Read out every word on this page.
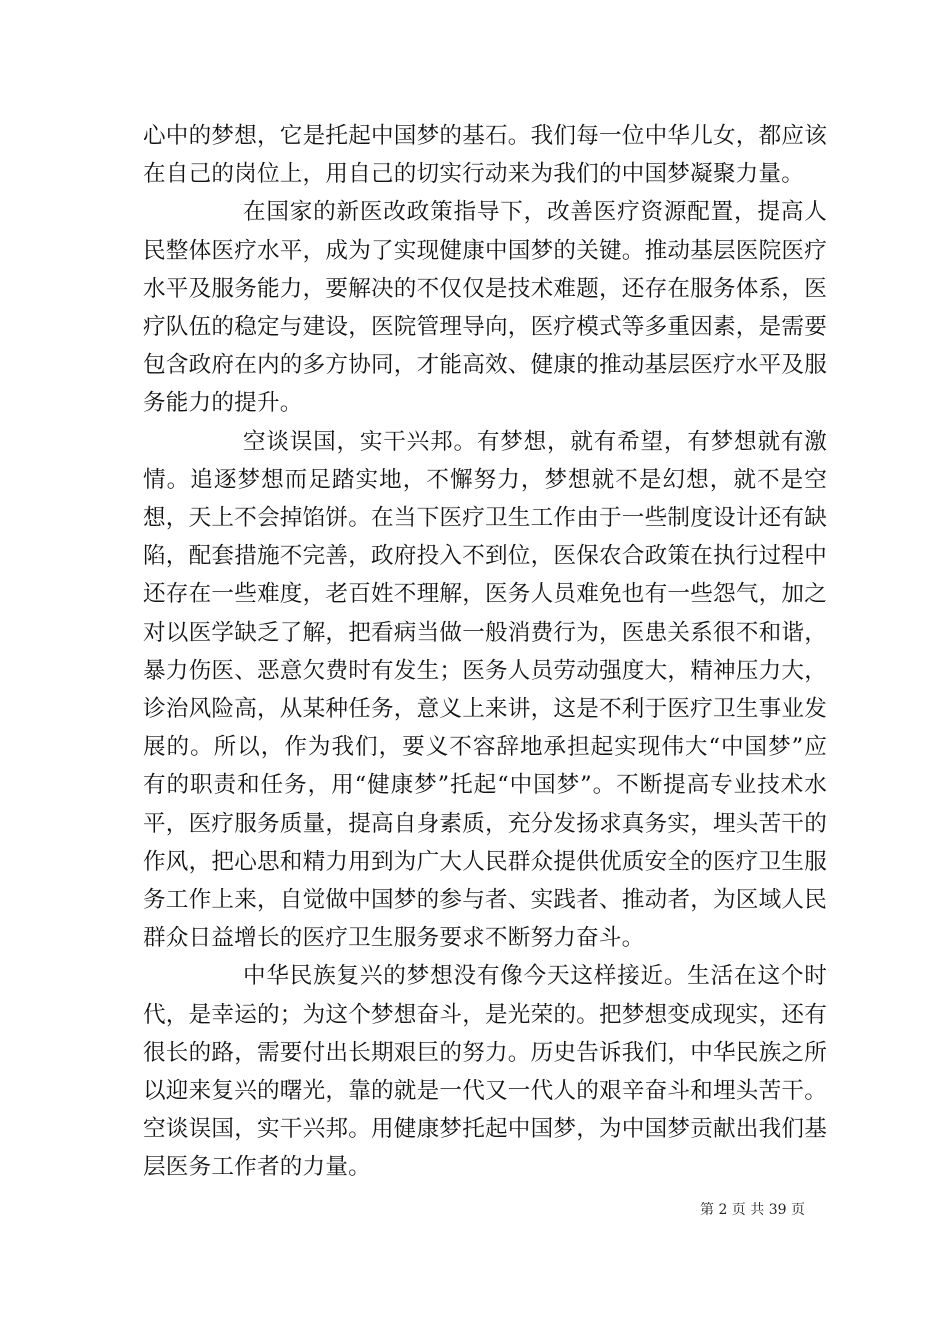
心中的梦想，它是托起中国梦的基石。我们每一位中华儿女，都应该在自己的岗位上，用自己的切实行动来为我们的中国梦凝聚力量。

在国家的新医改政策指导下，改善医疗资源配置，提高人民整体医疗水平，成为了实现健康中国梦的关键。推动基层医院医疗水平及服务能力，要解决的不仅仅是技术难题，还存在服务体系，医疗队伍的稳定与建设，医院管理导向，医疗模式等多重因素，是需要包含政府在内的多方协同，才能高效、健康的推动基层医疗水平及服务能力的提升。

空谈误国，实干兴邦。有梦想，就有希望，有梦想就有激情。追逐梦想而足踏实地，不懈努力，梦想就不是幻想，就不是空想，天上不会掉馅饼。在当下医疗卫生工作由于一些制度设计还有缺陷，配套措施不完善，政府投入不到位，医保农合政策在执行过程中还存在一些难度，老百姓不理解，医务人员难免也有一些怨气，加之对以医学缺乏了解，把看病当做一般消费行为，医患关系很不和谐，暴力伤医、恶意欠费时有发生；医务人员劳动强度大，精神压力大，诊治风险高，从某种任务，意义上来讲，这是不利于医疗卫生事业发展的。所以，作为我们，要义不容辞地承担起实现伟大“中国梦”应有的职责和任务，用“健康梦”托起“中国梦”。不断提高专业技术水平，医疗服务质量，提高自身素质，充分发扬求真务实，埋头苦干的作风，把心思和精力用到为广大人民群众提供优质安全的医疗卫生服务工作上来，自觉做中国梦的参与者、实践者、推动者，为区域人民群众日益增长的医疗卫生服务要求不断努力奋斗。

中华民族复兴的梦想没有像今天这样接近。生活在这个时代，是幸运的；为这个梦想奋斗，是光荣的。把梦想变成现实，还有很长的路，需要付出长期艰巨的努力。历史告诉我们，中华民族之所以迎来复兴的曙光，靠的就是一代又一代人的艰辛奋斗和埋头苦干。空谈误国，实干兴邦。用健康梦托起中国梦，为中国梦贡献出我们基层医务工作者的力量。

第 2 页 共 39 页
